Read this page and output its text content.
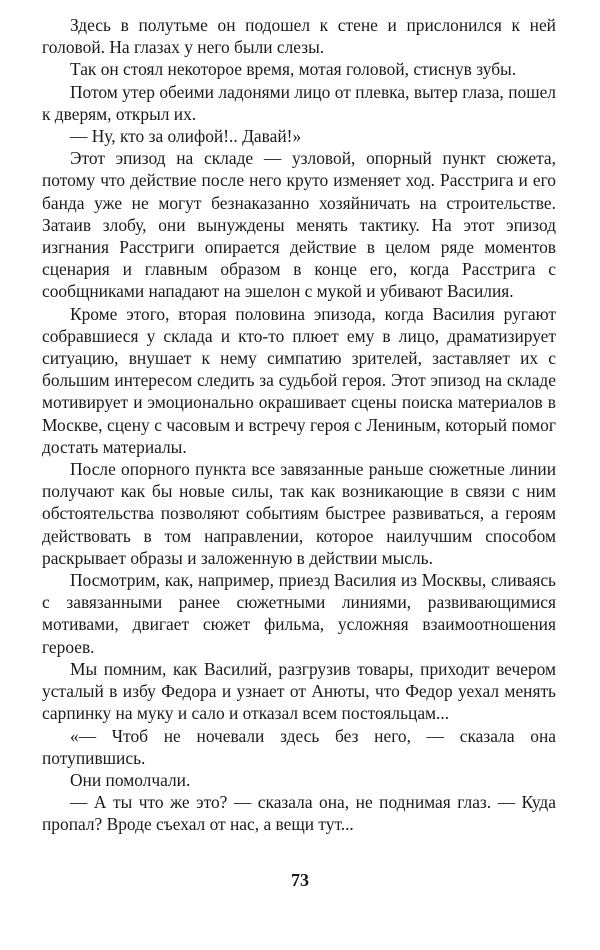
Здесь в полутьме он подошел к стене и прислонился к ней головой. На глазах у него были слезы.

Так он стоял некоторое время, мотая головой, стиснув зубы.

Потом утер обеими ладонями лицо от плевка, вытер глаза, пошел к дверям, открыл их.

— Ну, кто за олифой!.. Давай!»

Этот эпизод на складе — узловой, опорный пункт сюжета, потому что действие после него круто изменяет ход. Расстрига и его банда уже не могут безнаказанно хозяйничать на строительстве. Затаив злобу, они вынуждены менять тактику. На этот эпизод изгнания Расстриги опирается действие в целом ряде моментов сценария и главным образом в конце его, когда Расстрига с сообщниками нападают на эшелон с мукой и убивают Василия.

Кроме этого, вторая половина эпизода, когда Василия ругают собравшиеся у склада и кто-то плюет ему в лицо, драматизирует ситуацию, внушает к нему симпатию зрителей, заставляет их с большим интересом следить за судьбой героя. Этот эпизод на складе мотивирует и эмоционально окрашивает сцены поиска материалов в Москве, сцену с часовым и встречу героя с Лениным, который помог достать материалы.

После опорного пункта все завязанные раньше сюжетные линии получают как бы новые силы, так как возникающие в связи с ним обстоятельства позволяют событиям быстрее развиваться, а героям действовать в том направлении, которое наилучшим способом раскрывает образы и заложенную в действии мысль.

Посмотрим, как, например, приезд Василия из Москвы, сливаясь с завязанными ранее сюжетными линиями, развивающимися мотивами, двигает сюжет фильма, усложняя взаимоотношения героев.

Мы помним, как Василий, разгрузив товары, приходит вечером усталый в избу Федора и узнает от Анюты, что Федор уехал менять сарпинку на муку и сало и отказал всем постояльцам...

«— Чтоб не ночевали здесь без него, — сказала она потупившись.

Они помолчали.

— А ты что же это? — сказала она, не поднимая глаз. — Куда пропал? Вроде съехал от нас, а вещи тут...

73
